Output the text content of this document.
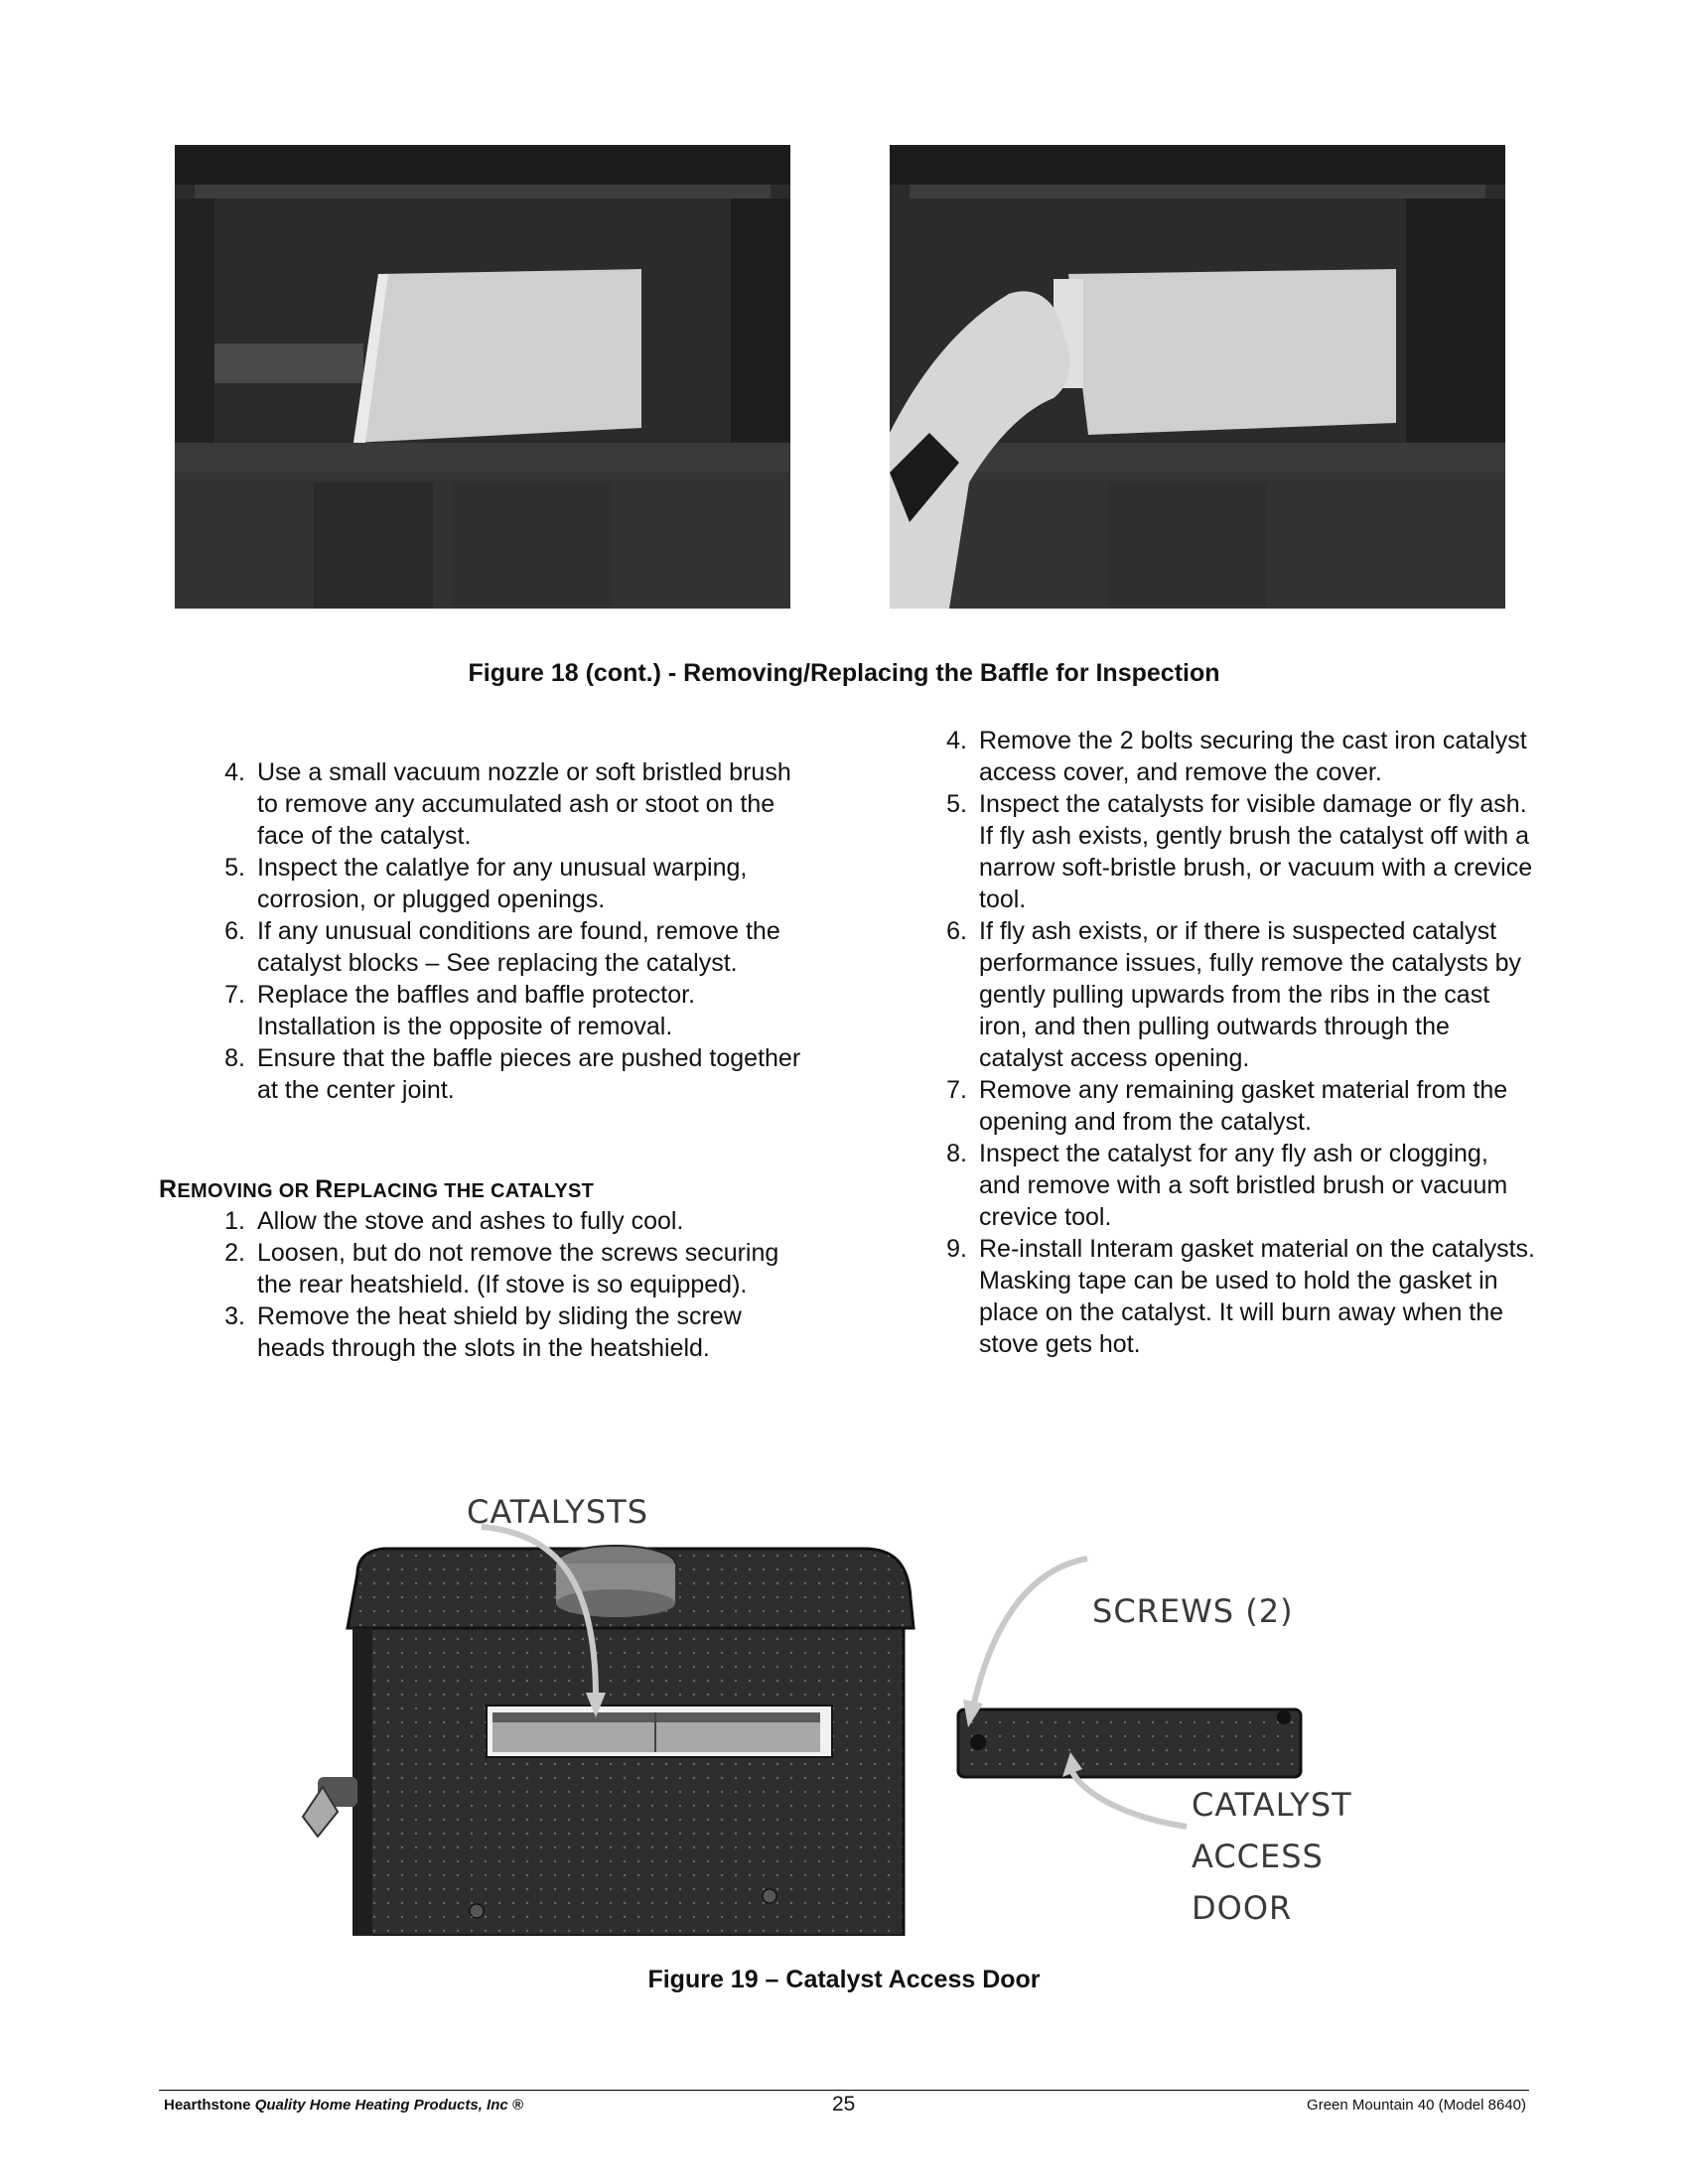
Figure 18 (cont.) - Removing/Replacing the Baffle for Inspection
4. Use a small vacuum nozzle or soft bristled brush to remove any accumulated ash or stoot on the face of the catalyst.
5. Inspect the calatlye for any unusual warping, corrosion, or plugged openings.
6. If any unusual conditions are found, remove the catalyst blocks – See replacing the catalyst.
7. Replace the baffles and baffle protector. Installation is the opposite of removal.
8. Ensure that the baffle pieces are pushed together at the center joint.
REMOVING OR REPLACING THE CATALYST
1. Allow the stove and ashes to fully cool.
2. Loosen, but do not remove the screws securing the rear heatshield. (If stove is so equipped).
3. Remove the heat shield by sliding the screw heads through the slots in the heatshield.
4. Remove the 2 bolts securing the cast iron catalyst access cover, and remove the cover.
5. Inspect the catalysts for visible damage or fly ash. If fly ash exists, gently brush the catalyst off with a narrow soft-bristle brush, or vacuum with a crevice tool.
6. If fly ash exists, or if there is suspected catalyst performance issues, fully remove the catalysts by gently pulling upwards from the ribs in the cast iron, and then pulling outwards through the catalyst access opening.
7. Remove any remaining gasket material from the opening and from the catalyst.
8. Inspect the catalyst for any fly ash or clogging, and remove with a soft bristled brush or vacuum crevice tool.
9. Re-install Interam gasket material on the catalysts. Masking tape can be used to hold the gasket in place on the catalyst. It will burn away when the stove gets hot.
CATALYSTS
SCREWS (2)
CATALYST
ACCESS
DOOR
Figure 19 – Catalyst Access Door
Hearthstone Quality Home Heating Products, Inc ®	25	Green Mountain 40 (Model 8640)
